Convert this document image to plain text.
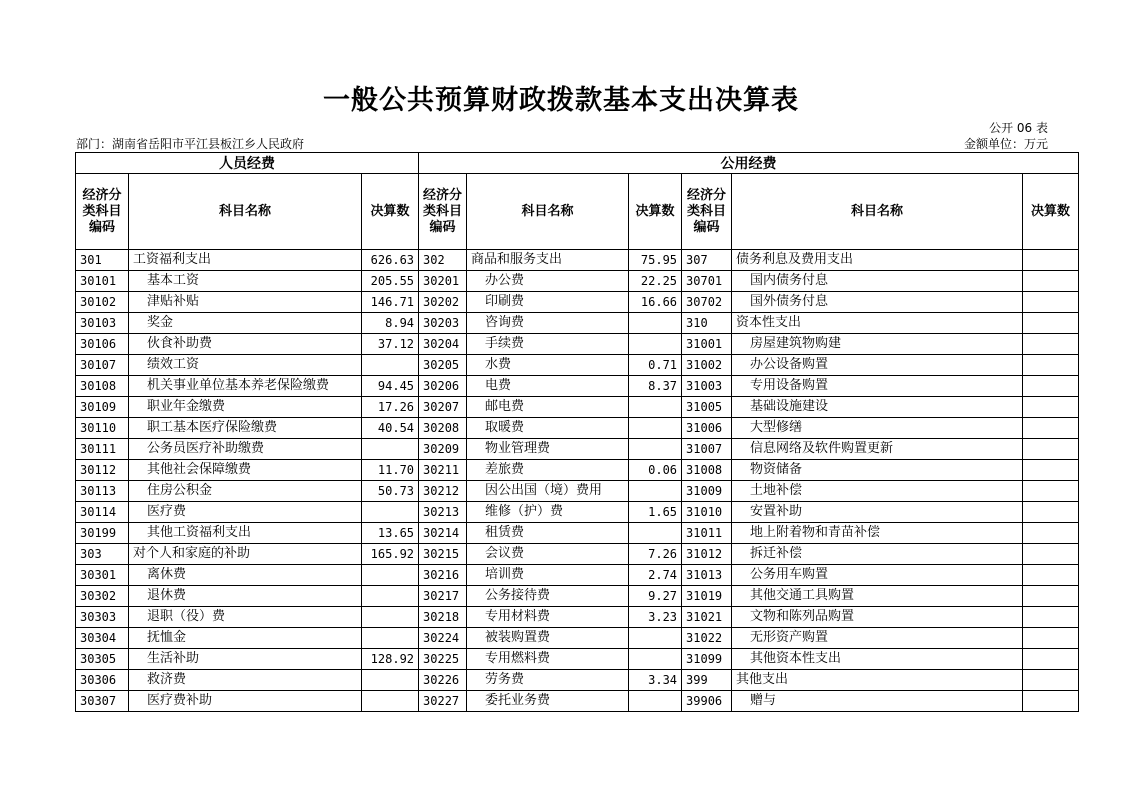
一般公共预算财政拨款基本支出决算表
公开 06 表
部门：湖南省岳阳市平江县板江乡人民政府	金额单位：万元
人员经费			公用经费					
经济分类科目编码	科目名称	决算数	经济分类科目编码	科目名称	决算数	经济分类科目编码	科目名称	决算数
301	工资福利支出	626.63	302	商品和服务支出	75.95	307	债务利息及费用支出	
30101	基本工资	205.55	30201	办公费	22.25	30701	国内债务付息	
30102	津贴补贴	146.71	30202	印刷费	16.66	30702	国外债务付息	
30103	奖金	8.94	30203	咨询费		310	资本性支出	
30106	伙食补助费	37.12	30204	手续费		31001	房屋建筑物购建	
30107	绩效工资		30205	水费	0.71	31002	办公设备购置	
30108	机关事业单位基本养老保险缴费	94.45	30206	电费	8.37	31003	专用设备购置	
30109	职业年金缴费	17.26	30207	邮电费		31005	基础设施建设	
30110	职工基本医疗保险缴费	40.54	30208	取暖费		31006	大型修缮	
30111	公务员医疗补助缴费		30209	物业管理费		31007	信息网络及软件购置更新	
30112	其他社会保障缴费	11.70	30211	差旅费	0.06	31008	物资储备	
30113	住房公积金	50.73	30212	因公出国（境）费用		31009	土地补偿	
30114	医疗费		30213	维修（护）费	1.65	31010	安置补助	
30199	其他工资福利支出	13.65	30214	租赁费		31011	地上附着物和青苗补偿	
303	对个人和家庭的补助	165.92	30215	会议费	7.26	31012	拆迁补偿	
30301	离休费		30216	培训费	2.74	31013	公务用车购置	
30302	退休费		30217	公务接待费	9.27	31019	其他交通工具购置	
30303	退职（役）费		30218	专用材料费	3.23	31021	文物和陈列品购置	
30304	抚恤金		30224	被装购置费		31022	无形资产购置	
30305	生活补助	128.92	30225	专用燃料费		31099	其他资本性支出	
30306	救济费		30226	劳务费	3.34	399	其他支出	
30307	医疗费补助		30227	委托业务费		39906	赠与	
